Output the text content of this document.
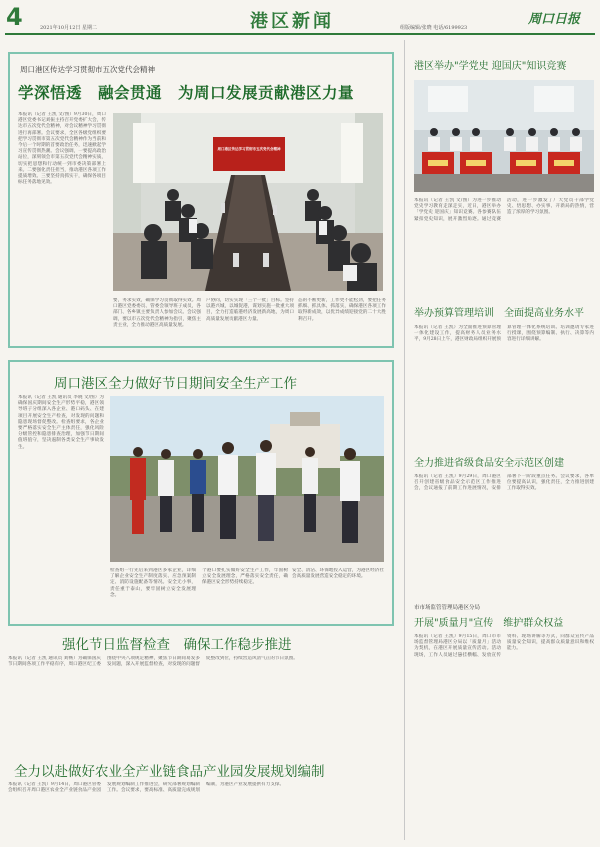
4	2021年10月12日 星期二	港区新闻	组版编辑/张晓 电话/6199923
周口日报
周口港区传达学习贯彻市五次党代会精神
学深悟透　融会贯通　为周口发展贡献港区力量
本报讯（记者 王凯 文/图）9月30日，周口港区党委书记刘振主持召开党委扩大会，传达市五次党代会精神，对会议精神学习贯彻进行再部署。会议要求，全区各级党组织要把学习贯彻市第五次党代会精神作为当前和今后一个时期的首要政治任务，迅速掀起学习宣传贯彻热潮。会议强调，一要提高政治站位，深刻领会市第五次党代会精神实质，切实把思想和行动统一到市委决策部署上来。二要强化责任担当，推动港区各项工作提质增效。三要坚持真抓实干，确保各项目标任务落地见效。
周口港区传达学习贯彻市五次党代会精神
要，务求实效，确保学习贯彻取得实效。周口港区党委委员、管委会领导班子成员，各部门、各乡镇主要负责人参加会议。会议强调，要以市五次党代会精神为指引，聚焦主责主业，全力推动港区高质量发展。
户协同，切实实现「三个一批」目标。坚持以港兴城，以城促港，谋划实施一批重大项目，全力打造临港经济发展新高地，为周口高质量发展贡献港区力量。
态的不断更新，工作更不能松劲，要把任务抓细、抓具体、抓落实，确保港区各项工作取得新成效，以优异成绩迎接党的二十大胜利召开。
周口港区全力做好节日期间安全生产工作
本报讯（记者 王凯 通讯员 李晓 文/图）为确保国庆期间安全生产形势平稳，港区领导班子分组深入各企业、港口码头、在建项目开展安全生产检查，对发现的问题和隐患现场督促整改。检查组要求，各企业要严格落实安全生产主体责任，强化风险分级管控和隐患排查治理，加强节日期间值班值守，坚决遏制各类安全生产事故发生。
检查组一行先后来到港区多家企业，详细了解企业安全生产制度落实、应急预案制定、消防设施配备等情况。安全无小事，责任重于泰山，要牢固树立安全发展理念。
个港口要扎实做好安全生产工作，牢固树立安全发展理念，严格落实安全责任，确保港区安全形势持续稳定。
安全、清洁、环保地投入运营，为港区经济社会高质量发展营造安全稳定的环境。
强化节日监督检查　确保工作稳步推进
本报讯（记者 王凯 通讯员 刘畅）为确保国庆节日期间各项工作平稳有序，周口港区纪工委围绕中央八项规定精神，聚焦节日期间易发多发问题，深入开展监督检查，对发现的问题督促整改到位，持续营造风清气正的节日氛围。
全力以赴做好农业全产业链食品产业园发展规划编制
本报讯（记者 王凯）9月14日，周口港区管委会组织召开周口港区农业全产业链食品产业园发展规划编制工作推进会，研究部署规划编制工作。会议要求，要高标准、高质量完成规划编制，为港区产业发展提供有力支撑。
港区举办"学党史 迎国庆"知识竞赛
本报讯（记者 王凯 文/图）为进一步推动党史学习教育走深走实，近日，港区举办「学党史 迎国庆」知识竞赛。各参赛队伍紧扣党史知识，展开激烈角逐。通过竞赛活动，进一步激发了广大党员干部学党史、悟思想、办实事、开新局的热情，营造了浓厚的学习氛围。
举办预算管理培训　全面提高业务水平
本报讯（记者 王凯）为全面推进预算管理一体化建设工作，提高财务人员业务水平，9月28日上午，港区财政局组织开展预算管理一体化系统培训。培训邀请专家进行授课，围绕预算编制、执行、决算等内容进行详细讲解。
全力推进省级食品安全示范区创建
本报讯（记者 王凯）9月29日，周口港区召开创建省级食品安全示范区工作推进会，会议通报了前期工作进展情况，安排部署下一阶段重点任务。会议要求，各单位要提高认识，强化责任，全力推进创建工作取得实效。
市市场监管管理局港区分局
开展"质量月"宣传　维护群众权益
本报讯（记者 王凯）9月15日，周口市市场监督管理局港区分局以「质量月」活动为契机，在港区开展质量宣传活动。活动现场，工作人员通过悬挂横幅、发放宣传资料、现场讲解等方式，向群众宣传产品质量安全知识，提高群众质量意识和维权能力。
